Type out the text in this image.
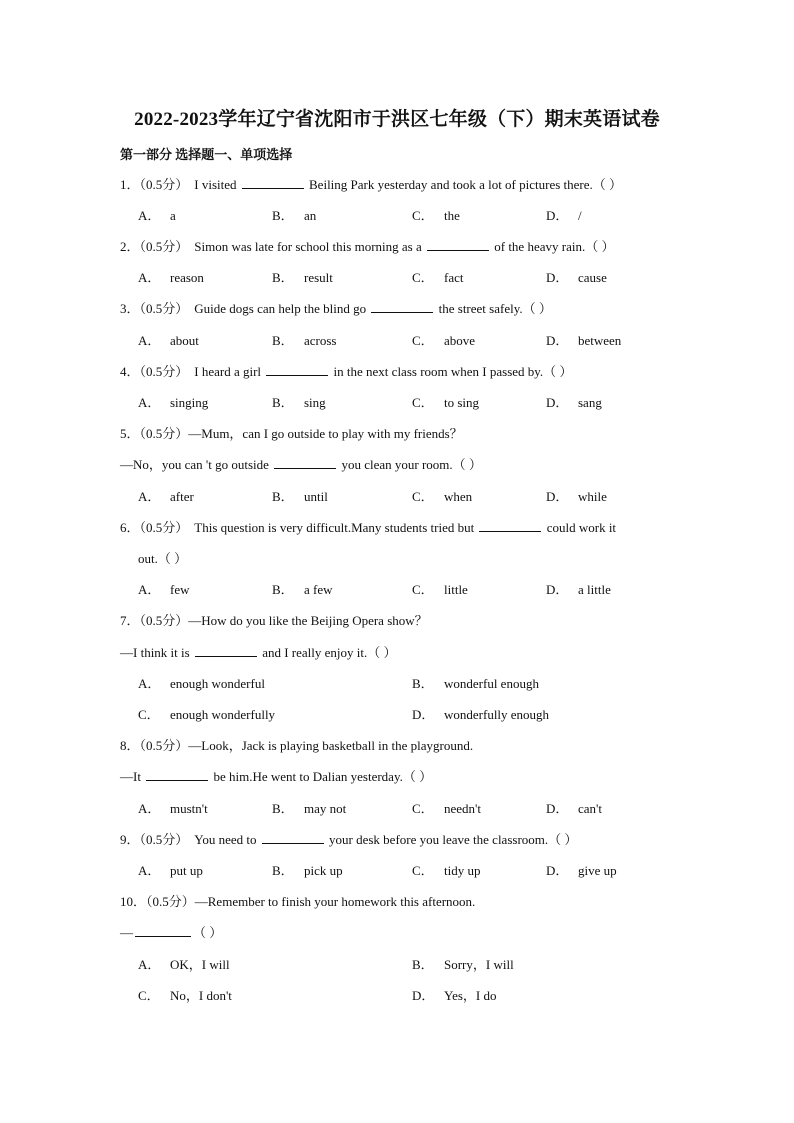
2022-2023学年辽宁省沈阳市于洪区七年级（下）期末英语试卷
第一部分 选择题一、单项选择
1．（0.5分） I visited	Beiling Park yesterday and took a lot of pictures there.（ ）
A． a	B． an	C． the	D． /
2．（0.5分） Simon was late for school this morning as a	of the heavy rain.（ ）
A． reason	B． result	C． fact	D． cause
3．（0.5分） Guide dogs can help the blind go	the street safely.（ ）
A． about	B． across	C． above	D． between
4．（0.5分） I heard a girl	in the next class room when I passed by.（ ）
A． singing	B． sing	C． to sing	D． sang
5．（0.5分）—Mum，can I go outside to play with my friends？
—No，you can 't go outside	you clean your room.（ ）
A． after	B． until	C． when	D． while
6．（0.5分） This question is very difficult.Many students tried but	could work it
out.（ ）
A． few	B． a few	C． little	D． a little
7．（0.5分）—How do you like the Beijing Opera show？
—I think it is	and I really enjoy it.（ ）
A． enough wonderful	B． wonderful enough
C． enough wonderfully	D． wonderfully enough
8．（0.5分）—Look，Jack is playing basketball in the playground.
—It	be him.He went to Dalian yesterday.（ ）
A． mustn't	B． may not	C． needn't	D． can't
9．（0.5分） You need to	your desk before you leave the classroom.（ ）
A． put up	B． pick up	C． tidy up	D． give up
10．（0.5分）—Remember to finish your homework this afternoon.
—	（ ）
A． OK，I will	B． Sorry，I will
C． No，I don't	D． Yes，I do
